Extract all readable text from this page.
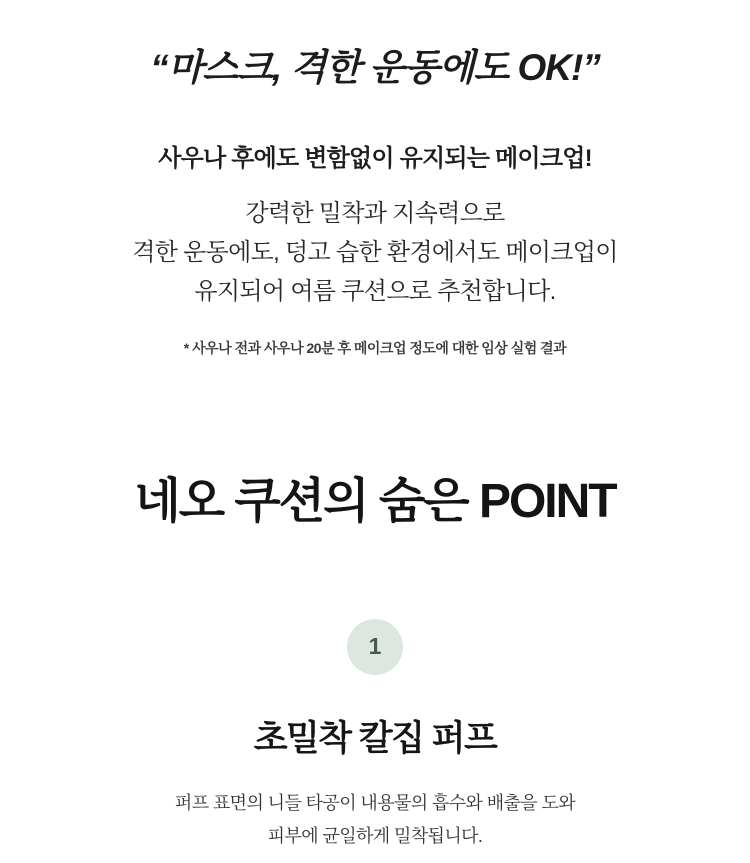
“마스크, 격한 운동에도 OK!”
사우나 후에도 변함없이 유지되는 메이크업!

강력한 밀착과 지속력으로
격한 운동에도, 덩고 습한 환경에서도 메이크업이
유지되어 여름 쿠션으로 추천합니다.

* 사우나 전과 사우나 20분 후 메이크업 정도에 대한 임상 실험 결과

네오 쿠션의 숨은 POINT
1
초밀착 칼집 퍼프

퍼프 표면의 니들 타공이 내용물의 흡수와 배출을 도와
피부에 균일하게 밀착됩니다.
